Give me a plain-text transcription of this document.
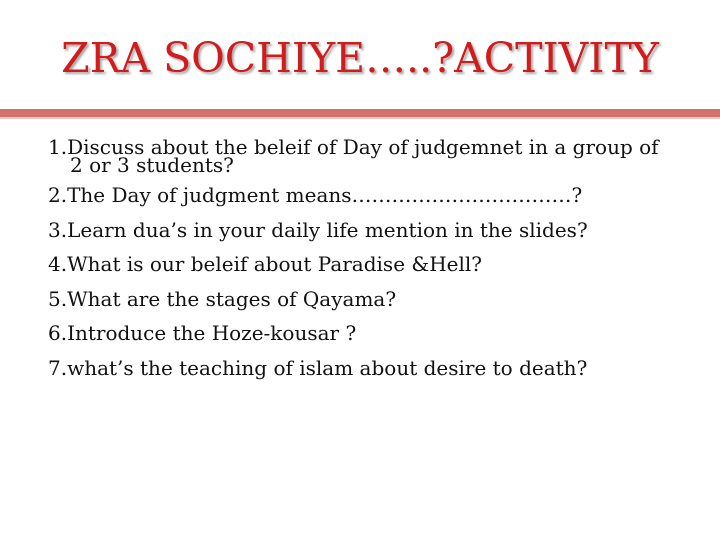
ZRA SOCHIYE…..?ACTIVITY
1.Discuss about the beleif of Day of judgemnet in a group of
2 or 3 students?
2.The Day of judgment means……………………………?
3.Learn dua’s in your daily life mention in the slides?
4.What is our beleif about Paradise &Hell?
5.What are the stages of Qayama?
6.Introduce the Hoze-kousar ?
7.what’s the teaching of islam about desire to death?
